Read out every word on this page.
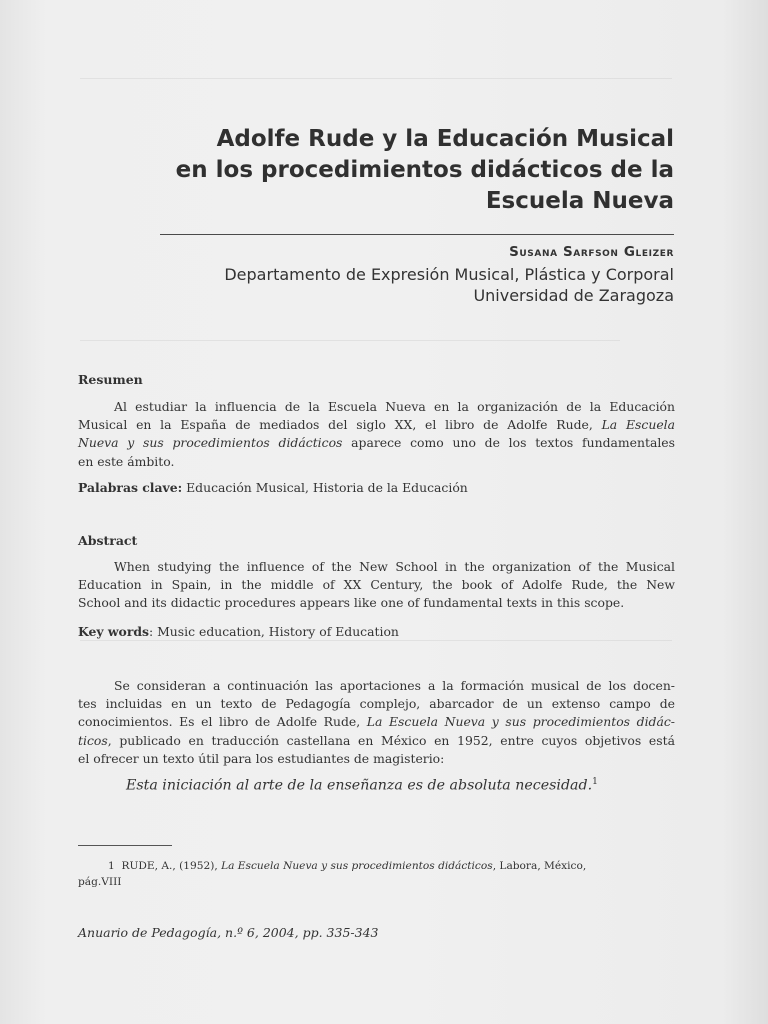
Adolfe Rude y la Educación Musical
en los procedimientos didácticos de la
Escuela Nueva
Susana Sarfson Gleizer
Departamento de Expresión Musical, Plástica y Corporal
Universidad de Zaragoza
Resumen
Al estudiar la influencia de la Escuela Nueva en la organización de la Educación
Musical en la España de mediados del siglo XX, el libro de Adolfe Rude, La Escuela
Nueva y sus procedimientos didácticos aparece como uno de los textos fundamentales
en este ámbito.
Palabras clave: Educación Musical, Historia de la Educación
Abstract
When studying the influence of the New School in the organization of the Musical
Education in Spain, in the middle of XX Century, the book of Adolfe Rude, the New
School and its didactic procedures appears like one of fundamental texts in this scope.
Key words: Music education, History of Education
Se consideran a continuación las aportaciones a la formación musical de los docen-
tes incluidas en un texto de Pedagogía complejo, abarcador de un extenso campo de
conocimientos. Es el libro de Adolfe Rude, La Escuela Nueva y sus procedimientos didác-
ticos, publicado en traducción castellana en México en 1952, entre cuyos objetivos está
el ofrecer un texto útil para los estudiantes de magisterio:
Esta iniciación al arte de la enseñanza es de absoluta necesidad.$^1$
1 RUDE, A., (1952), La Escuela Nueva y sus procedimientos didácticos, Labora, México,
pág.VIII
Anuario de Pedagogía, n.º 6, 2004, pp. 335-343
